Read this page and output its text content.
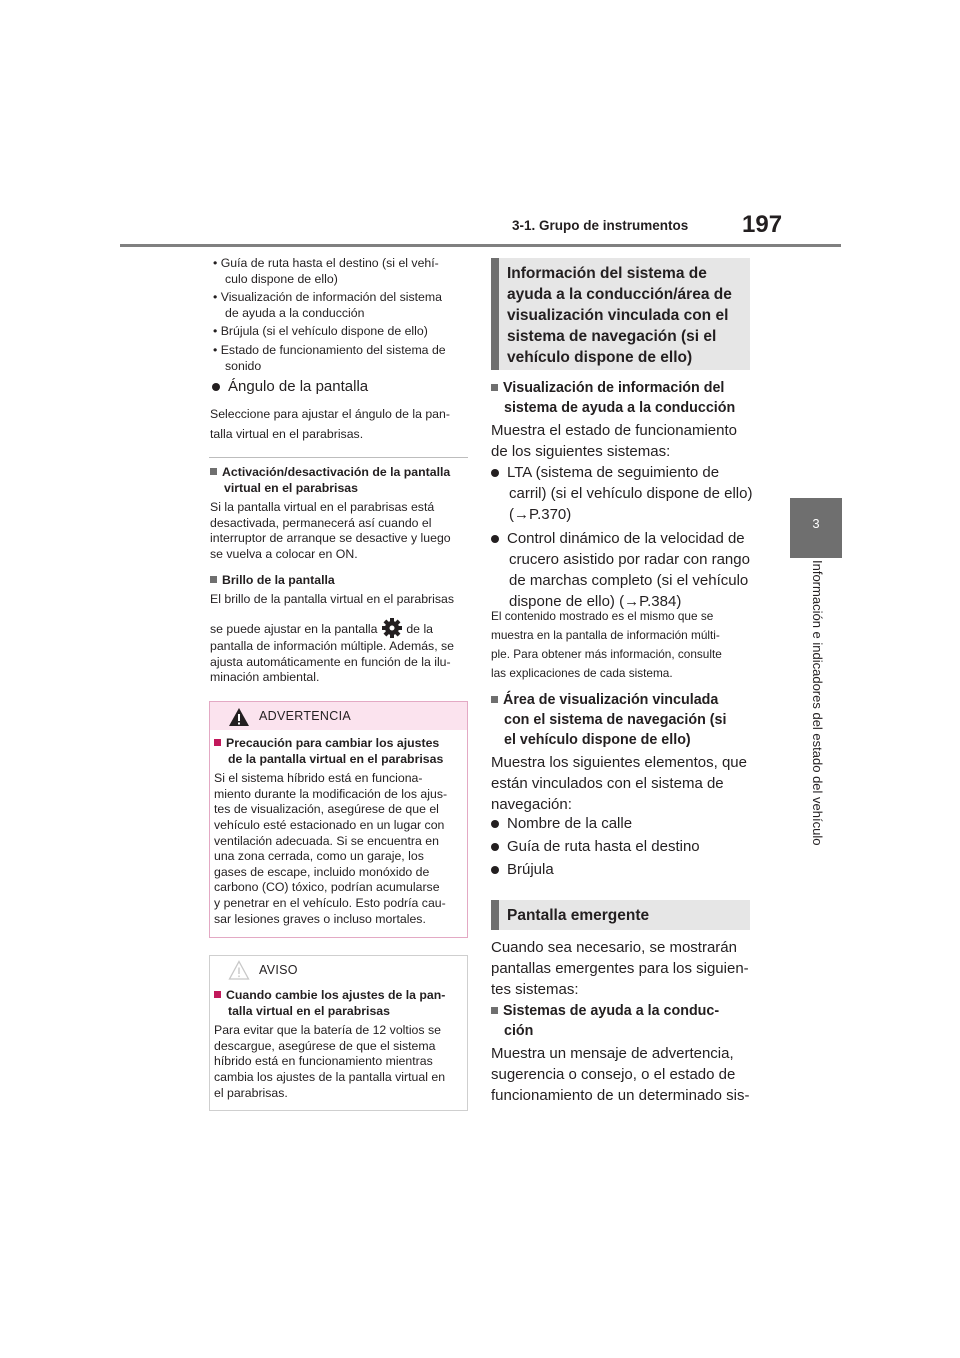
3-1. Grupo de instrumentos 197
3
Información e indicadores del estado del vehículo
• Guía de ruta hasta el destino (si el vehí-
culo dispone de ello)
• Visualización de información del sistema
de ayuda a la conducción
• Brújula (si el vehículo dispone de ello)
• Estado de funcionamiento del sistema de
sonido
Ángulo de la pantalla
Seleccione para ajustar el ángulo de la pan-
talla virtual en el parabrisas.
Activación/desactivación de la pantalla
virtual en el parabrisas
Si la pantalla virtual en el parabrisas está
desactivada, permanecerá así cuando el
interruptor de arranque se desactive y luego
se vuelva a colocar en ON.
Brillo de la pantalla
El brillo de la pantalla virtual en el parabrisas
se puede ajustar en la pantalla de la
pantalla de información múltiple. Además, se
ajusta automáticamente en función de la ilu-
minación ambiental.
ADVERTENCIA
Precaución para cambiar los ajustes
de la pantalla virtual en el parabrisas
Si el sistema híbrido está en funciona-
miento durante la modificación de los ajus-
tes de visualización, asegúrese de que el
vehículo esté estacionado en un lugar con
ventilación adecuada. Si se encuentra en
una zona cerrada, como un garaje, los
gases de escape, incluido monóxido de
carbono (CO) tóxico, podrían acumularse
y penetrar en el vehículo. Esto podría cau-
sar lesiones graves o incluso mortales.
AVISO
Cuando cambie los ajustes de la pan-
talla virtual en el parabrisas
Para evitar que la batería de 12 voltios se
descargue, asegúrese de que el sistema
híbrido está en funcionamiento mientras
cambia los ajustes de la pantalla virtual en
el parabrisas.
Información del sistema de
ayuda a la conducción/área de
visualización vinculada con el
sistema de navegación (si el
vehículo dispone de ello)
Visualización de información del
sistema de ayuda a la conducción
Muestra el estado de funcionamiento
de los siguientes sistemas:
LTA (sistema de seguimiento de
carril) (si el vehículo dispone de ello)
(→P.370)
Control dinámico de la velocidad de
crucero asistido por radar con rango
de marchas completo (si el vehículo
dispone de ello) (→P.384)
El contenido mostrado es el mismo que se
muestra en la pantalla de información múlti-
ple. Para obtener más información, consulte
las explicaciones de cada sistema.
Área de visualización vinculada
con el sistema de navegación (si
el vehículo dispone de ello)
Muestra los siguientes elementos, que
están vinculados con el sistema de
navegación:
Nombre de la calle
Guía de ruta hasta el destino
Brújula
Pantalla emergente
Cuando sea necesario, se mostrarán
pantallas emergentes para los siguien-
tes sistemas:
Sistemas de ayuda a la conduc-
ción
Muestra un mensaje de advertencia,
sugerencia o consejo, o el estado de
funcionamiento de un determinado sis-
